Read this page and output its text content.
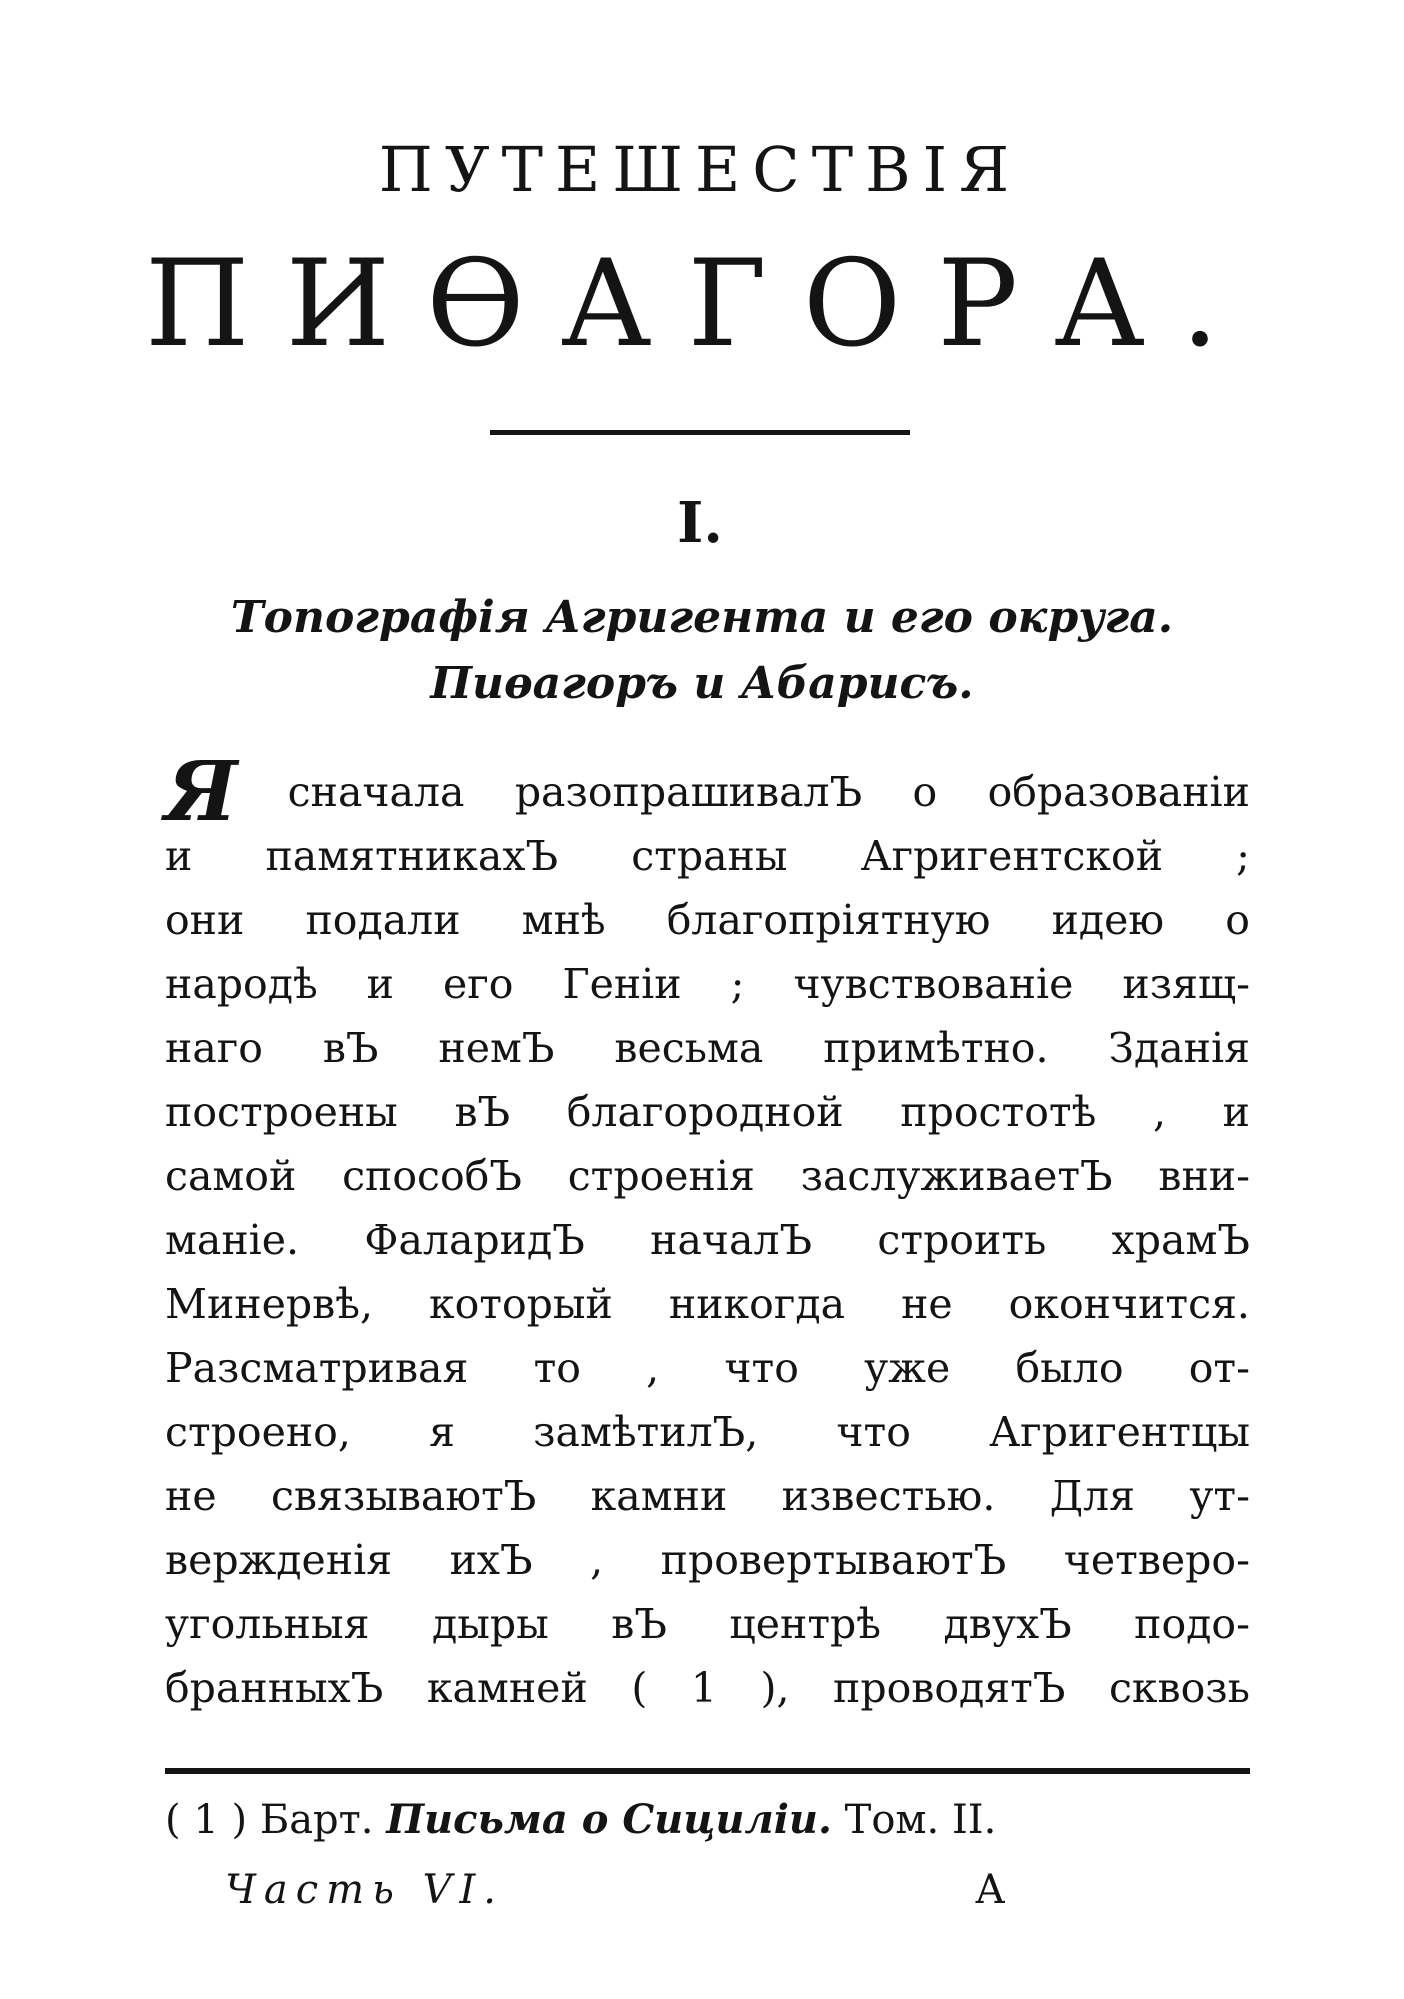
ПУТЕШЕСТВІЯ
ПИѲАГОРА.
I.
Топографія Агригента и его округа.
Пиѳагоръ и Абарисъ.
Я сначала разопрашивалЪ о образованіи
и памятникахЪ страны Агригентской ;
они подали мнѣ благопріятную идею о
народѣ и его Геніи ; чувствованіе изящ-
наго вЪ немЪ весьма примѣтно. Зданія
построены вЪ благородной простотѣ , и
самой способЪ строенія заслуживаетЪ вни-
маніе. ФаларидЪ началЪ строить храмЪ
Минервѣ, который никогда не окончится.
Разсматривая то , что уже было от-
строено, я замѣтилЪ, что Агригентцы
не связываютЪ камни известью. Для ут-
вержденія ихЪ , провертываютЪ четверо-
угольныя дыры вЪ центрѣ двухЪ подо-
бранныхЪ камней ( 1 ), проводятЪ сквозь
( 1 ) Барт. Письма о Сициліи. Том. II.
Часть VI.	А
